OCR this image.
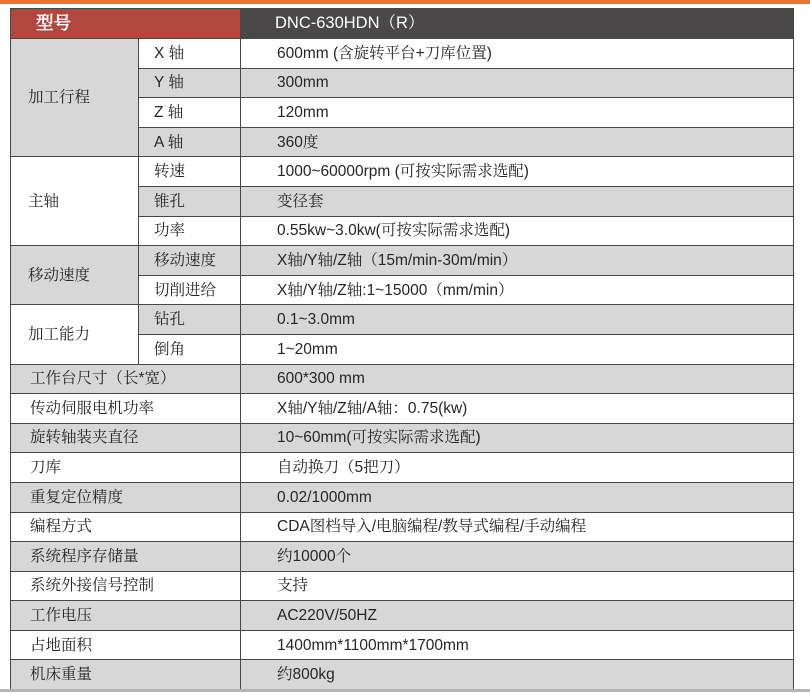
型号		DNC-630HDN（R）
加工行程	X 轴	600mm (含旋转平台+刀库位置)
	Y 轴	300mm
	Z 轴	120mm
	A 轴	360度
主轴	转速	1000~60000rpm (可按实际需求选配)
	锥孔	变径套
	功率	0.55kw~3.0kw(可按实际需求选配)
移动速度	移动速度	X轴/Y轴/Z轴（15m/min-30m/min）
	切削进给	X轴/Y轴/Z轴:1~15000（mm/min）
加工能力	钻孔	0.1~3.0mm
	倒角	1~20mm
工作台尺寸（长*宽）		600*300 mm
传动伺服电机功率		X轴/Y轴/Z轴/A轴：0.75(kw)
旋转轴装夹直径		10~60mm(可按实际需求选配)
刀库		自动换刀（5把刀）
重复定位精度		0.02/1000mm
编程方式		CDA图档导入/电脑编程/教导式编程/手动编程
系统程序存储量		约10000个
系统外接信号控制		支持
工作电压		AC220V/50HZ
占地面积		1400mm*1100mm*1700mm
机床重量		约800kg
